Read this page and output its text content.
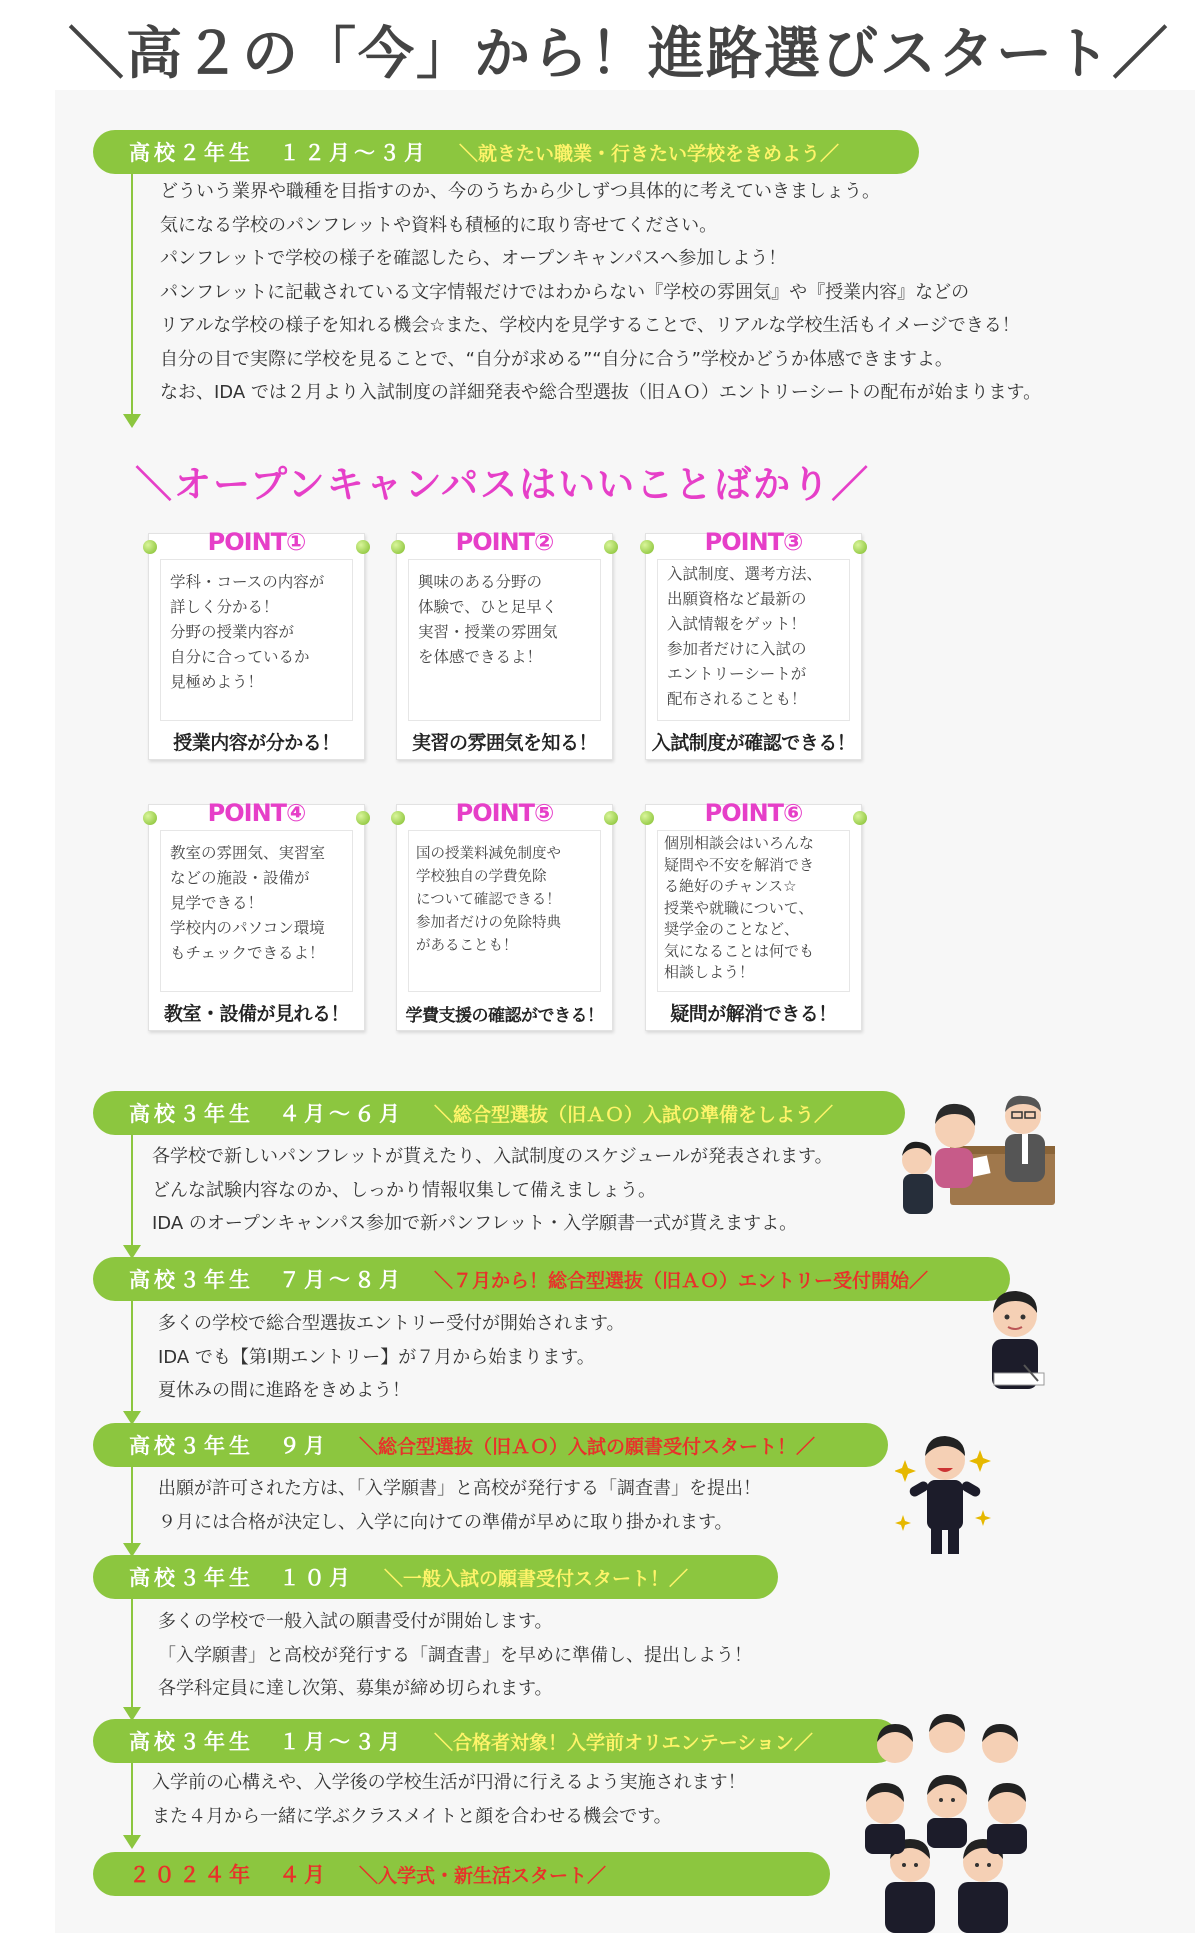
＼高２の「今」から！進路選びスタート／
高校２年生　１２月〜３月 ＼就きたい職業・行きたい学校をきめよう／
どういう業界や職種を目指すのか、今のうちから少しずつ具体的に考えていきましょう。
気になる学校のパンフレットや資料も積極的に取り寄せてください。
パンフレットで学校の様子を確認したら、オープンキャンパスへ参加しよう！
パンフレットに記載されている文字情報だけではわからない『学校の雰囲気』や『授業内容』などの
リアルな学校の様子を知れる機会☆また、学校内を見学することで、リアルな学校生活もイメージできる！
自分の目で実際に学校を見ることで、“自分が求める”“自分に合う”学校かどうか体感できますよ。
なお、IDA では２月より入試制度の詳細発表や総合型選抜（旧ＡＯ）エントリーシートの配布が始まります。
＼オープンキャンパスはいいことばかり／
POINT①
学科・コースの内容が
詳しく分かる！
分野の授業内容が
自分に合っているか
見極めよう！
授業内容が分かる！
POINT②
興味のある分野の
体験で、ひと足早く
実習・授業の雰囲気
を体感できるよ！
実習の雰囲気を知る！
POINT③
入試制度、選考方法、
出願資格など最新の
入試情報をゲット！
参加者だけに入試の
エントリーシートが
配布されることも！
入試制度が確認できる！
POINT④
教室の雰囲気、実習室
などの施設・設備が
見学できる！
学校内のパソコン環境
もチェックできるよ！
教室・設備が見れる！
POINT⑤
国の授業料減免制度や
学校独自の学費免除
について確認できる！
参加者だけの免除特典
があることも！
学費支援の確認ができる！
POINT⑥
個別相談会はいろんな
疑問や不安を解消でき
る絶好のチャンス☆
授業や就職について、
奨学金のことなど、
気になることは何でも
相談しよう！
疑問が解消できる！
高校３年生　４月〜６月 ＼総合型選抜（旧ＡＯ）入試の準備をしよう／
各学校で新しいパンフレットが貰えたり、入試制度のスケジュールが発表されます。
どんな試験内容なのか、しっかり情報収集して備えましょう。
IDA のオープンキャンパス参加で新パンフレット・入学願書一式が貰えますよ。
高校３年生　７月〜８月 ＼７月から！総合型選抜（旧ＡＯ）エントリー受付開始／
多くの学校で総合型選抜エントリー受付が開始されます。
IDA でも【第Ⅰ期エントリー】が７月から始まります。
夏休みの間に進路をきめよう！
高校３年生　９月 ＼総合型選抜（旧ＡＯ）入試の願書受付スタート！／
出願が許可された方は、「入学願書」と高校が発行する「調査書」を提出！
９月には合格が決定し、入学に向けての準備が早めに取り掛かれます。
高校３年生　１０月 ＼一般入試の願書受付スタート！／
多くの学校で一般入試の願書受付が開始します。
「入学願書」と高校が発行する「調査書」を早めに準備し、提出しよう！
各学科定員に達し次第、募集が締め切られます。
高校３年生　１月〜３月 ＼合格者対象！入学前オリエンテーション／
入学前の心構えや、入学後の学校生活が円滑に行えるよう実施されます！
また４月から一緒に学ぶクラスメイトと顔を合わせる機会です。
２０２４年　４月 ＼入学式・新生活スタート／
